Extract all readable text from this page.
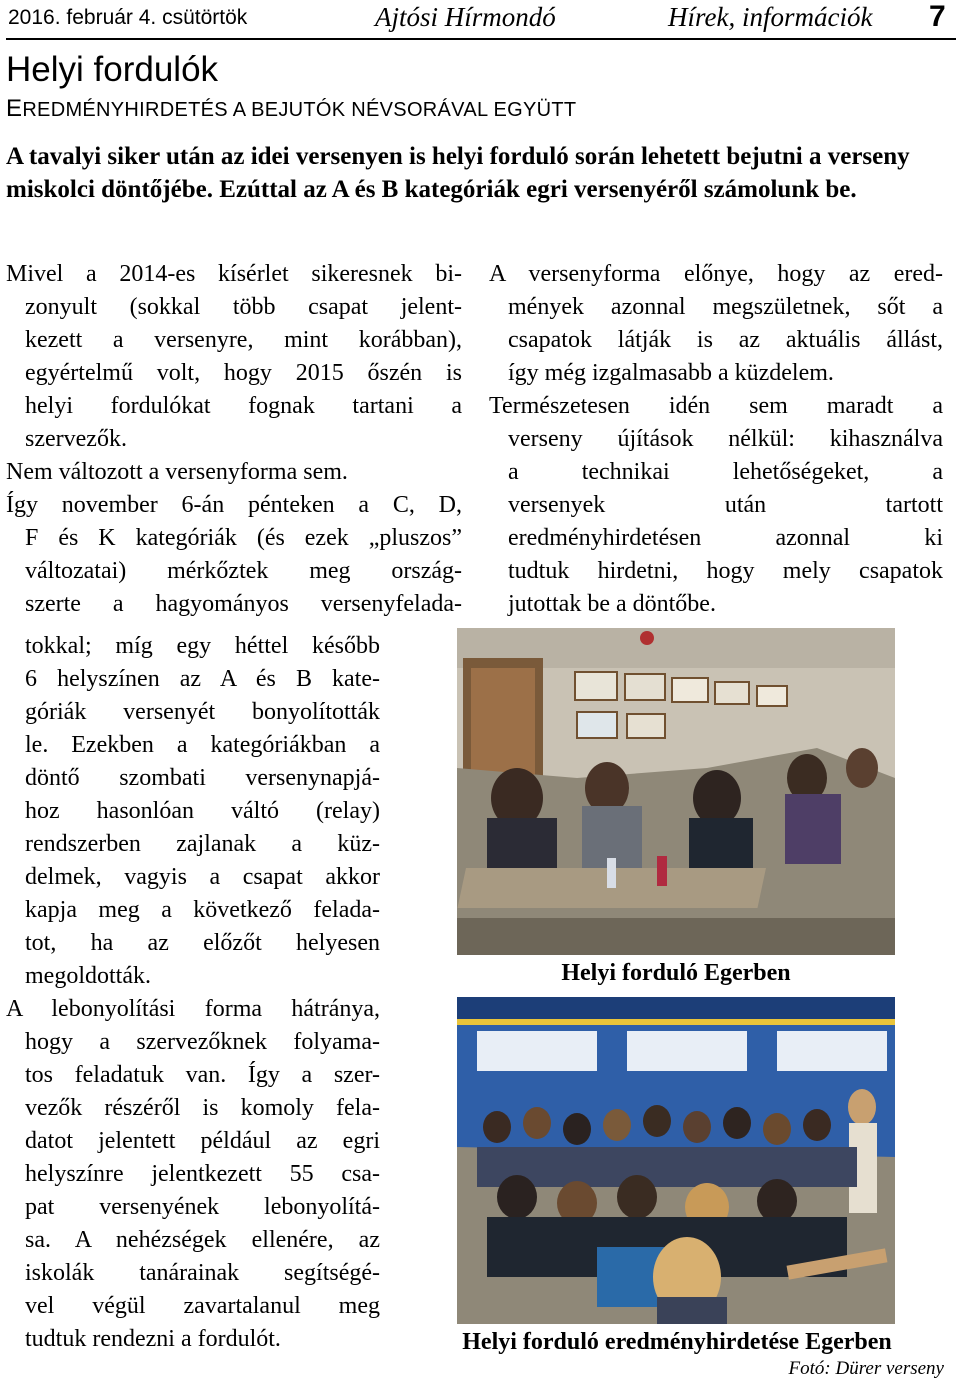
2016. február 4. csütörtök	Ajtósi Hírmondó	Hírek, információk 7
Helyi fordulók
EREDMÉNYHIRDETÉS A BEJUTÓK NÉVSORÁVAL EGYÜTT
A tavalyi siker után az idei versenyen is helyi forduló során lehetett bejutni a verseny miskolci döntőjébe. Ezúttal az A és B kategóriák egri versenyéről számolunk be.
Mivel a 2014-es kísérlet sikeresnek bi-
zonyult (sokkal több csapat jelent-
kezett a versenyre, mint korábban),
egyértelmű volt, hogy 2015 őszén is
helyi fordulókat fognak tartani a
szervezők.
Nem változott a versenyforma sem.
Így november 6-án pénteken a C, D,
F és K kategóriák (és ezek „pluszos”
változatai) mérkőztek meg ország-
szerte a hagyományos versenyfelada-
tokkal; míg egy héttel később
6 helyszínen az A és B kate-
góriák versenyét bonyolították
le. Ezekben a kategóriákban a
döntő szombati versenynapjá-
hoz hasonlóan váltó (relay)
rendszerben zajlanak a küz-
delmek, vagyis a csapat akkor
kapja meg a következő felada-
tot, ha az előzőt helyesen
megoldották.
A lebonyolítási forma hátránya,
hogy a szervezőknek folyama-
tos feladatuk van. Így a szer-
vezők részéről is komoly fela-
datot jelentett például az egri
helyszínre jelentkezett 55 csa-
pat versenyének lebonyolítá-
sa. A nehézségek ellenére, az
iskolák tanárainak segítségé-
vel végül zavartalanul meg
tudtuk rendezni a fordulót.
A versenyforma előnye, hogy az ered-
mények azonnal megszületnek, sőt a
csapatok látják is az aktuális állást,
így még izgalmasabb a küzdelem.
Természetesen idén sem maradt a
verseny újítások nélkül: kihasználva
a technikai lehetőségeket, a
versenyek után tartott
eredményhirdetésen azonnal ki
tudtuk hirdetni, hogy mely csapatok
jutottak be a döntőbe.
Helyi forduló Egerben
Helyi forduló eredményhirdetése Egerben
Fotó: Dürer verseny
